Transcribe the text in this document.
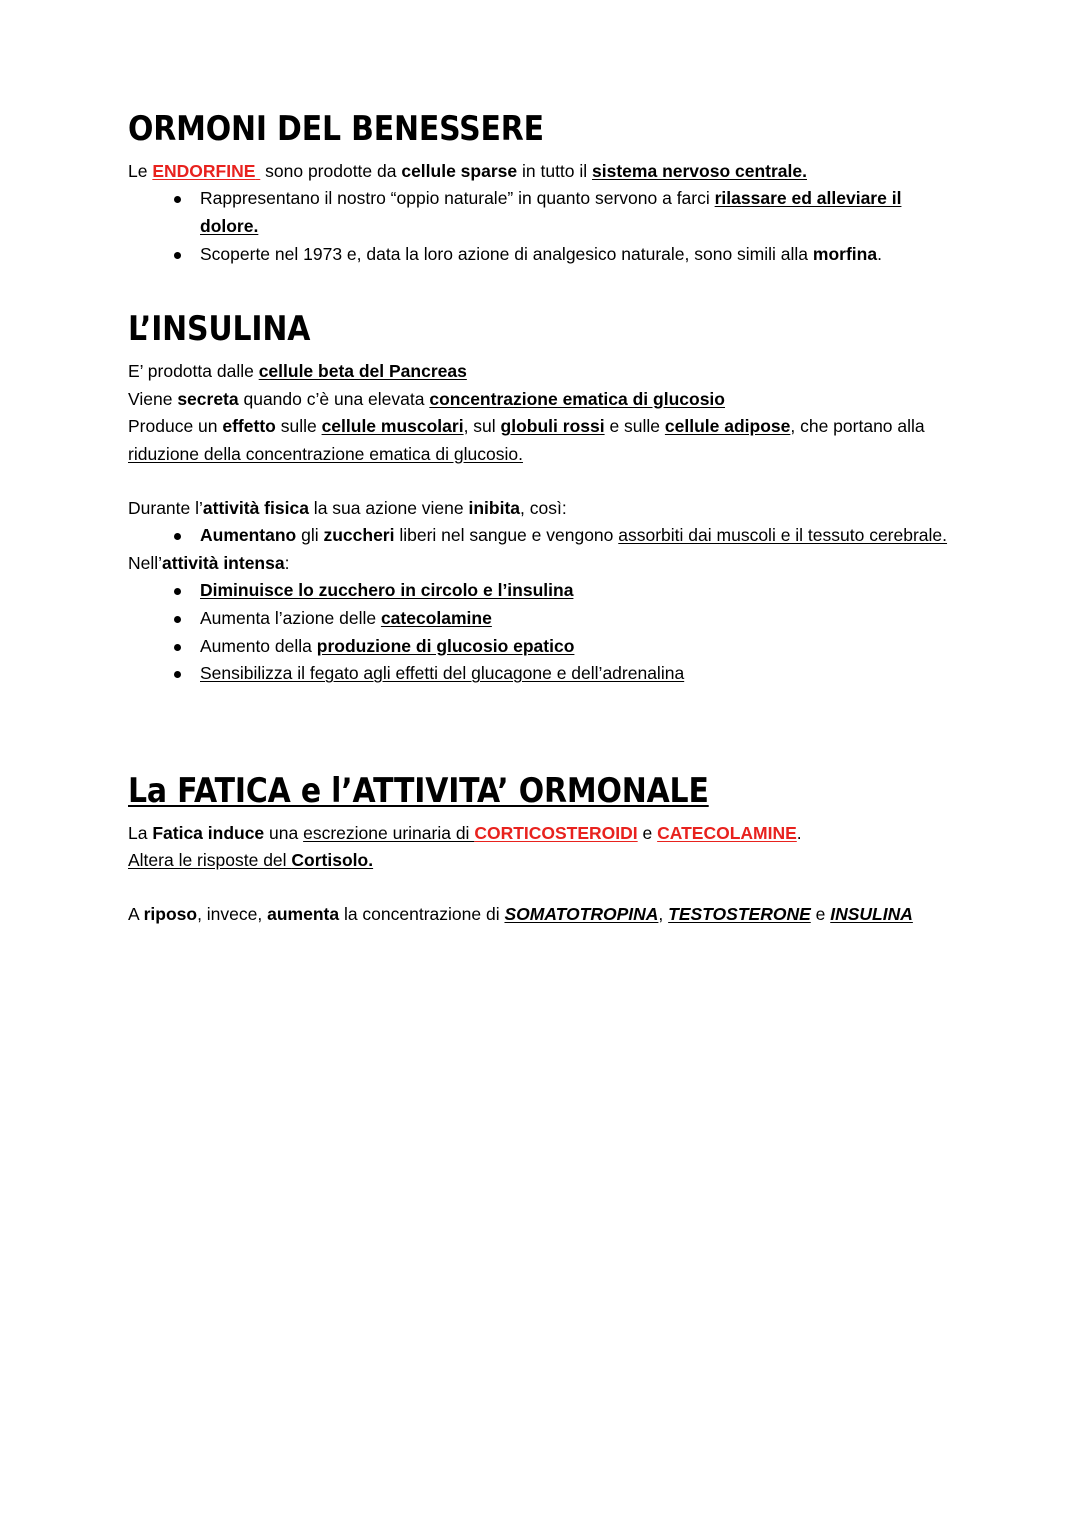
ORMONI DEL BENESSERE

Le ENDORFINE  sono prodotte da cellule sparse in tutto il sistema nervoso centrale.

Rappresentano il nostro “oppio naturale” in quanto servono a farci rilassare ed alleviare il dolore.
Scoperte nel 1973 e, data la loro azione di analgesico naturale, sono simili alla morfina.
L’INSULINA

E’ prodotta dalle cellule beta del Pancreas

Viene secreta quando c’è una elevata concentrazione ematica di glucosio

Produce un effetto sulle cellule muscolari, sul globuli rossi e sulle cellule adipose, che portano alla riduzione della concentrazione ematica di glucosio.

Durante l’attività fisica la sua azione viene inibita, così:

Aumentano gli zuccheri liberi nel sangue e vengono assorbiti dai muscoli e il tessuto cerebrale.

Nell’attività intensa:

Diminuisce lo zucchero in circolo e l’insulina
Aumenta l’azione delle catecolamine
Aumento della produzione di glucosio epatico
Sensibilizza il fegato agli effetti del glucagone e dell’adrenalina
La FATICA e l’ATTIVITA’ ORMONALE

La Fatica induce una escrezione urinaria di CORTICOSTEROIDI e CATECOLAMINE.

Altera le risposte del Cortisolo.

A riposo, invece, aumenta la concentrazione di SOMATOTROPINA, TESTOSTERONE e INSULINA
